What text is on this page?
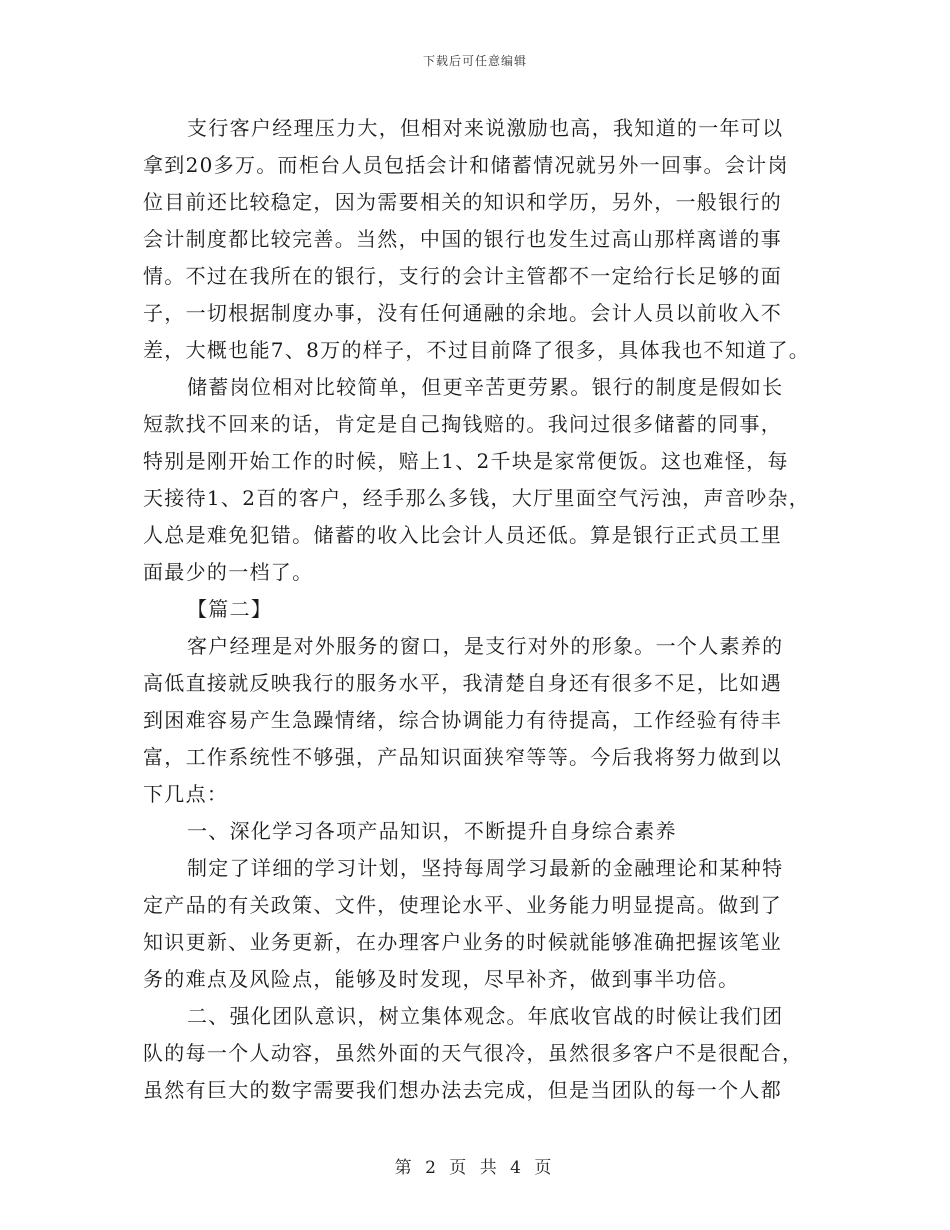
下载后可任意编辑
支行客户经理压力大，但相对来说激励也高，我知道的一年可以
拿到20多万。而柜台人员包括会计和储蓄情况就另外一回事。会计岗
位目前还比较稳定，因为需要相关的知识和学历，另外，一般银行的
会计制度都比较完善。当然，中国的银行也发生过高山那样离谱的事
情。不过在我所在的银行，支行的会计主管都不一定给行长足够的面
子，一切根据制度办事，没有任何通融的余地。会计人员以前收入不
差，大概也能7、8万的样子，不过目前降了很多，具体我也不知道了。
储蓄岗位相对比较简单，但更辛苦更劳累。银行的制度是假如长
短款找不回来的话，肯定是自己掏钱赔的。我问过很多储蓄的同事，
特别是刚开始工作的时候，赔上1、2千块是家常便饭。这也难怪，每
天接待1、2百的客户，经手那么多钱，大厅里面空气污浊，声音吵杂，
人总是难免犯错。储蓄的收入比会计人员还低。算是银行正式员工里
面最少的一档了。
【篇二】
客户经理是对外服务的窗口，是支行对外的形象。一个人素养的
高低直接就反映我行的服务水平，我清楚自身还有很多不足，比如遇
到困难容易产生急躁情绪，综合协调能力有待提高，工作经验有待丰
富，工作系统性不够强，产品知识面狭窄等等。今后我将努力做到以
下几点：
一、深化学习各项产品知识，不断提升自身综合素养
制定了详细的学习计划，坚持每周学习最新的金融理论和某种特
定产品的有关政策、文件，使理论水平、业务能力明显提高。做到了
知识更新、业务更新，在办理客户业务的时候就能够准确把握该笔业
务的难点及风险点，能够及时发现，尽早补齐，做到事半功倍。
二、强化团队意识，树立集体观念。年底收官战的时候让我们团
队的每一个人动容，虽然外面的天气很冷，虽然很多客户不是很配合，
虽然有巨大的数字需要我们想办法去完成，但是当团队的每一个人都
第 2 页 共 4 页
